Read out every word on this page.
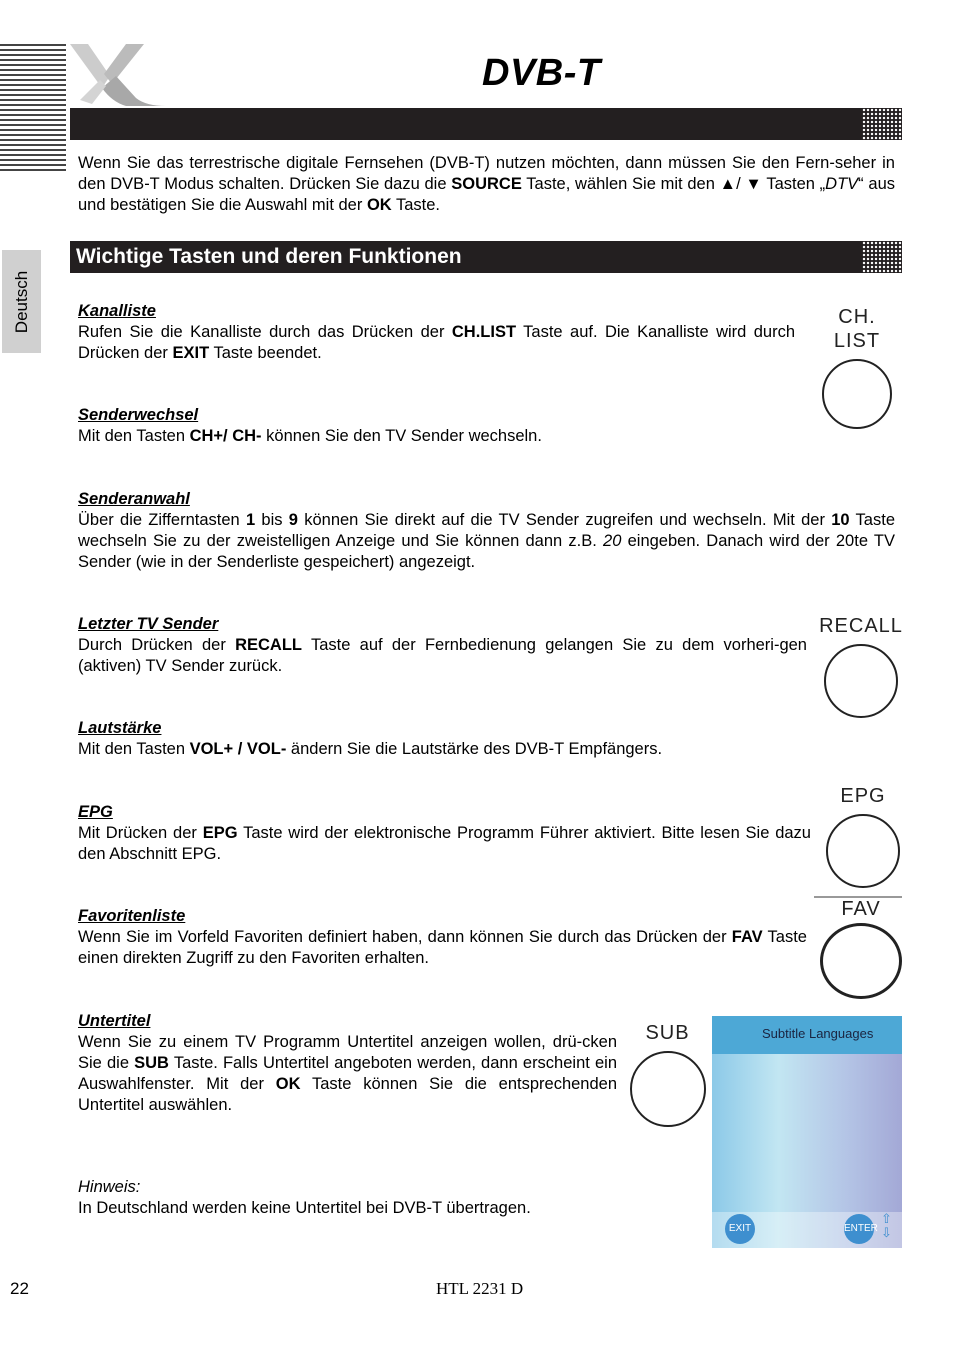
Deutsch
DVB-T
Wenn Sie das terrestrische digitale Fernsehen (DVB-T) nutzen möchten, dann müssen Sie den Fern-seher in den DVB-T Modus schalten. Drücken Sie dazu die SOURCE Taste, wählen Sie mit den ▲/ ▼ Tasten „DTV“ aus und bestätigen Sie die Auswahl mit der OK Taste.
Wichtige Tasten und deren Funktionen
Kanalliste
Rufen Sie die Kanalliste durch das Drücken der CH.LIST Taste auf. Die Kanalliste wird durch Drücken der EXIT Taste beendet.
CH. LIST
Senderwechsel
Mit den Tasten CH+/ CH- können Sie den TV Sender wechseln.
Senderanwahl
Über die Zifferntasten 1 bis 9 können Sie direkt auf die TV Sender zugreifen und wechseln. Mit der 10 Taste wechseln Sie zu der zweistelligen Anzeige und Sie können dann z.B. 20 eingeben. Danach wird der 20te TV Sender (wie in der Senderliste gespeichert) angezeigt.
Letzter TV Sender
Durch Drücken der RECALL Taste auf der Fernbedienung gelangen Sie zu dem vorheri-gen (aktiven) TV Sender zurück.
RECALL
Lautstärke
Mit den Tasten VOL+ / VOL- ändern Sie die Lautstärke des DVB-T Empfängers.
EPG
Mit Drücken der EPG Taste wird der elektronische Programm Führer aktiviert. Bitte lesen Sie dazu den Abschnitt EPG.
EPG
Favoritenliste
Wenn Sie im Vorfeld Favoriten definiert haben, dann können Sie durch das Drücken der FAV Taste einen direkten Zugriff zu den Favoriten erhalten.
FAV
Untertitel
Wenn Sie zu einem TV Programm Untertitel anzeigen wollen, drü-cken Sie die SUB Taste. Falls Untertitel angeboten werden, dann erscheint ein Auswahlfenster. Mit der OK Taste können Sie die entsprechenden Untertitel auswählen.
SUB	Subtitle Languages
EXIT	ENTER
⇧
⇩
Hinweis:
In Deutschland werden keine Untertitel bei DVB-T übertragen.
22	HTL 2231 D
